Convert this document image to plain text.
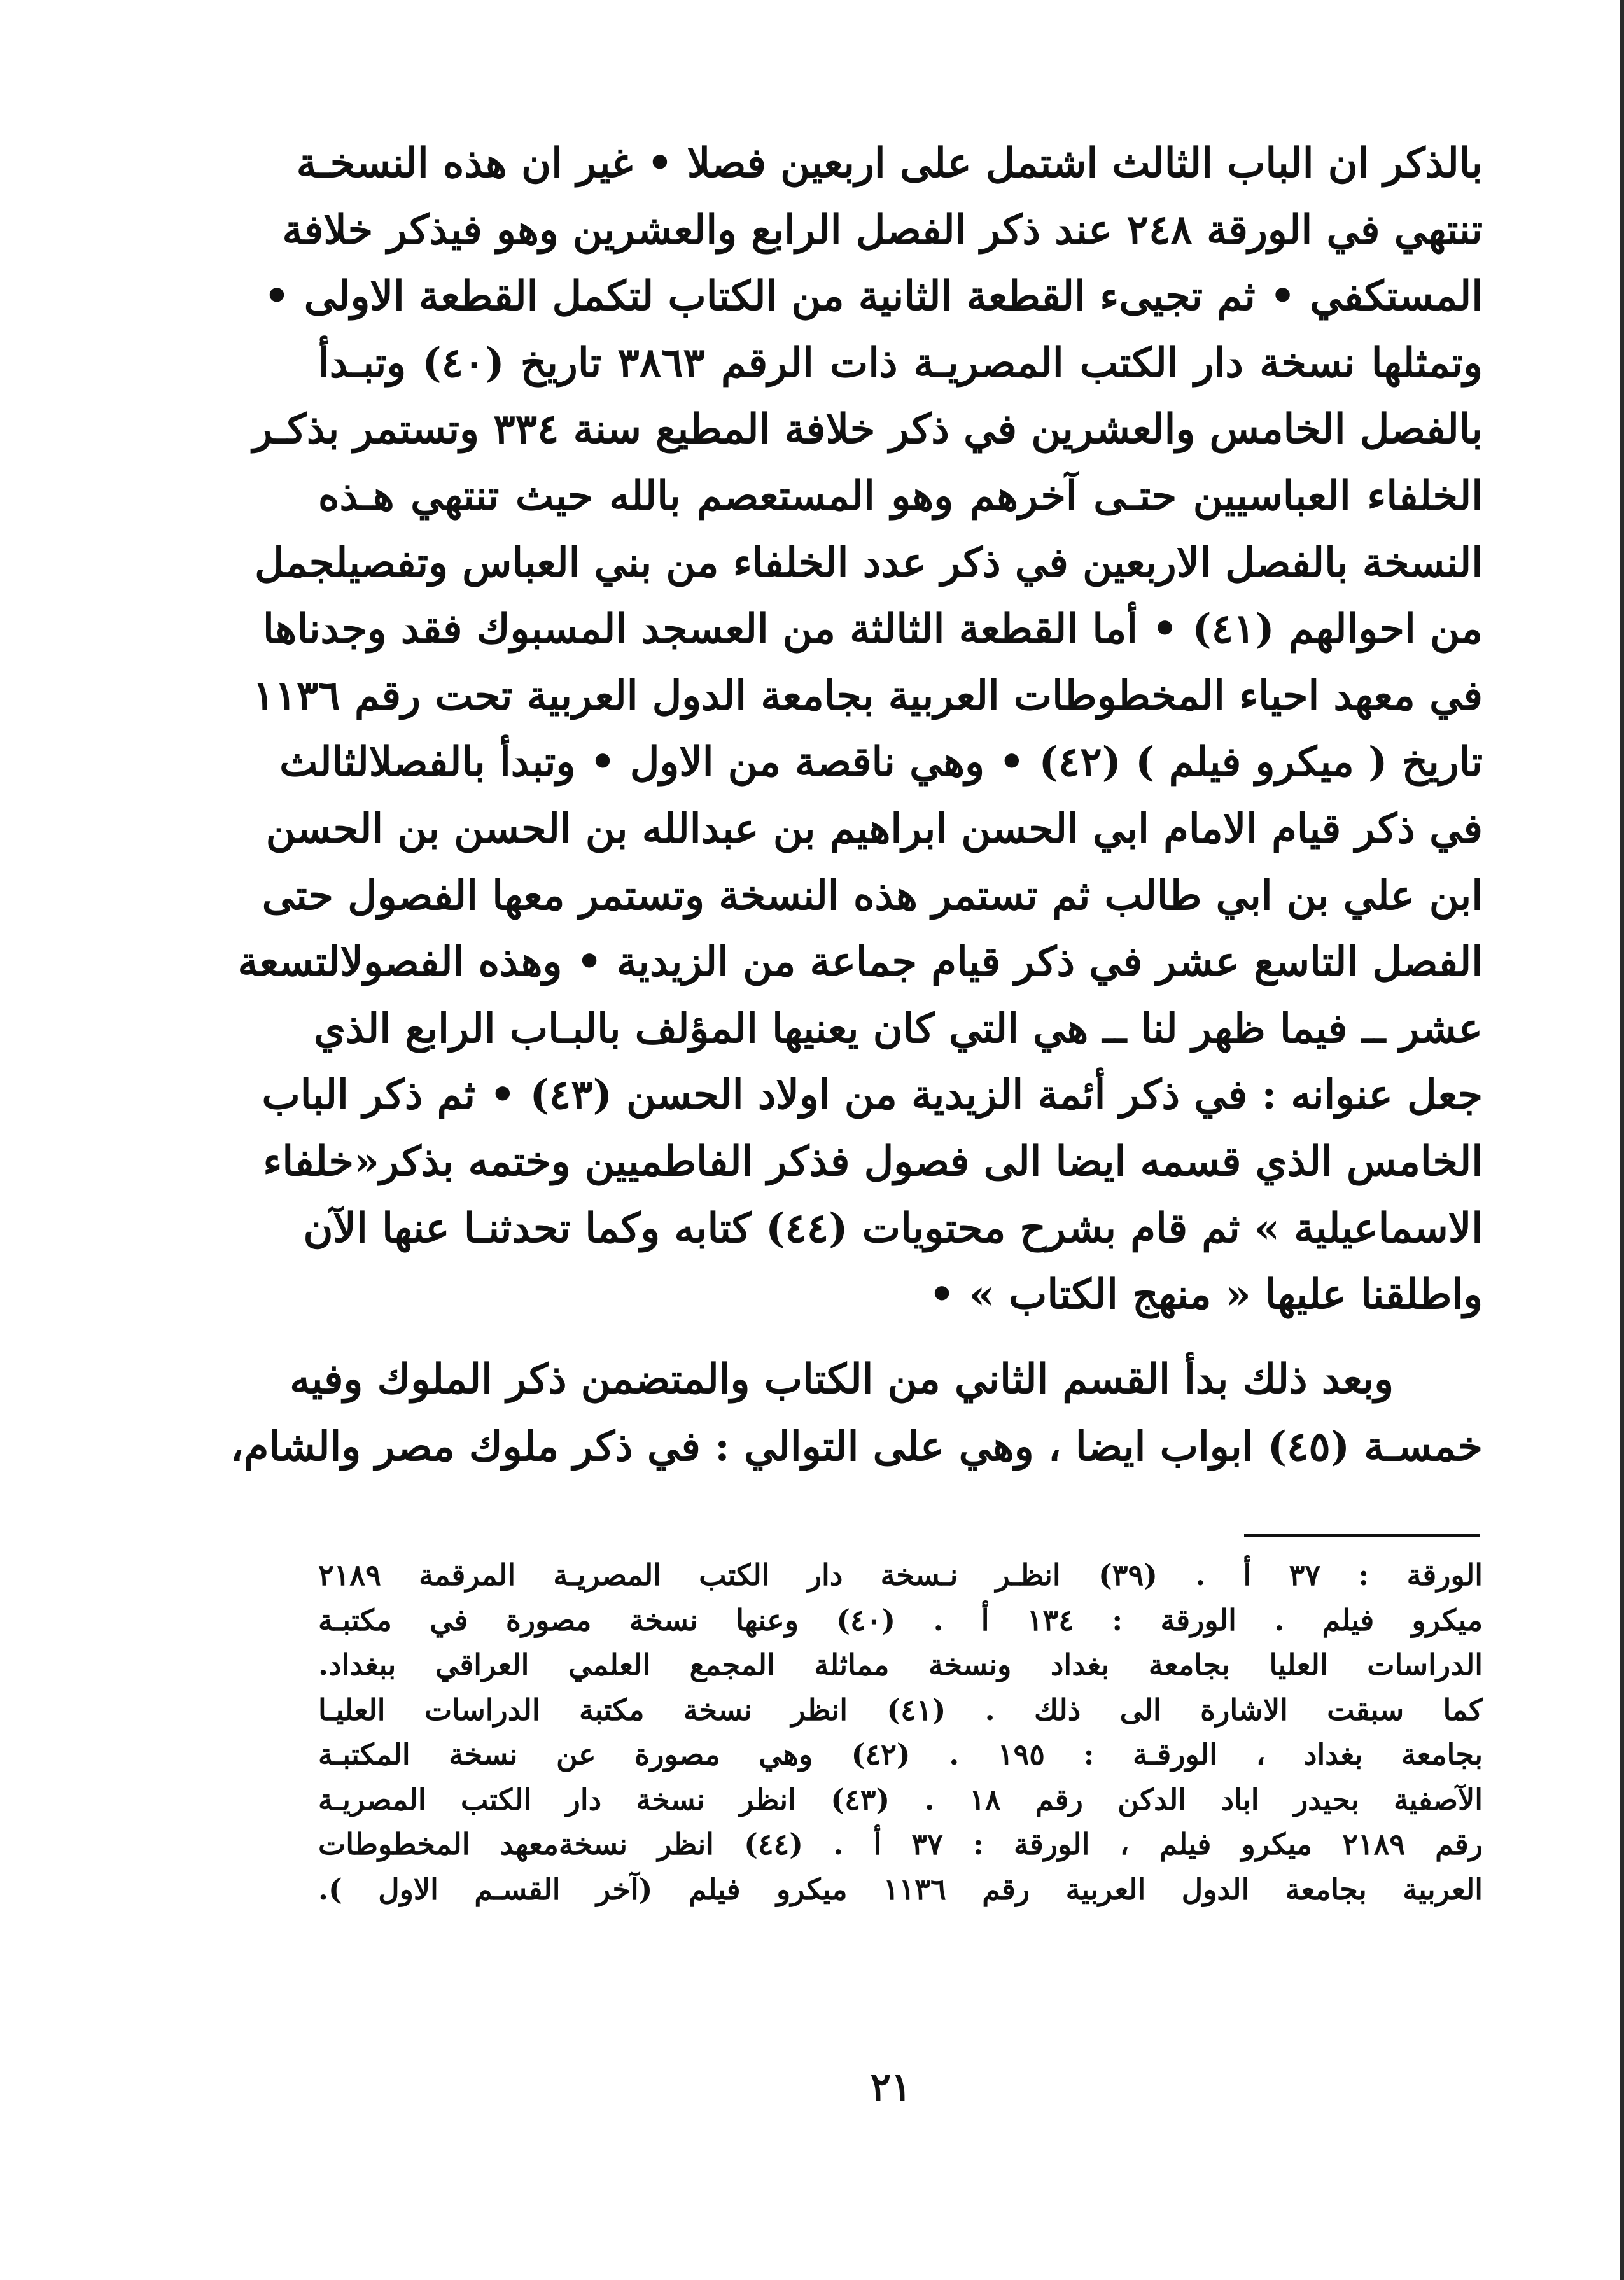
بالذكر ان الباب الثالث اشتمل على اربعين فصلا • غير ان هذه النسخـة
تنتهي في الورقة ٢٤٨ عند ذكر الفصل الرابع والعشرين وهو فيذكر خلافة
المستكفي • ثم تجيىء القطعة الثانية من الكتاب لتكمل القطعة الاولى •
وتمثلها نسخة دار الكتب المصريـة ذات الرقم ٣٨٦٣ تاريخ (٤٠) وتبـدأ
بالفصل الخامس والعشرين في ذكر خلافة المطيع سنة ٣٣٤ وتستمر بذكـر
الخلفاء العباسيين حتـى آخرهم وهو المستعصم بالله حيث تنتهي هـذه
النسخة بالفصل الاربعين في ذكر عدد الخلفاء من بني العباس وتفصيلجمل
من احوالهم (٤١) • أما القطعة الثالثة من العسجد المسبوك فقد وجدناها
في معهد احياء المخطوطات العربية بجامعة الدول العربية تحت رقم ١١٣٦
تاريخ ( ميكرو فيلم ) (٤٢) • وهي ناقصة من الاول • وتبدأ بالفصلالثالث
في ذكر قيام الامام ابي الحسن ابراهيم بن عبدالله بن الحسن بن الحسن
ابن علي بن ابي طالب ثم تستمر هذه النسخة وتستمر معها الفصول حتى
الفصل التاسع عشر في ذكر قيام جماعة من الزيدية • وهذه الفصولالتسعة
عشر ــ فيما ظهر لنا ــ هي التي كان يعنيها المؤلف بالبـاب الرابع الذي
جعل عنوانه : في ذكر أئمة الزيدية من اولاد الحسن (٤٣) • ثم ذكر الباب
الخامس الذي قسمه ايضا الى فصول فذكر الفاطميين وختمه بذكر«خلفاء
الاسماعيلية » ثم قام بشرح محتويات (٤٤) كتابه وكما تحدثنـا عنها الآن
واطلقنا عليها « منهج الكتاب » •
وبعد ذلك بدأ القسم الثاني من الكتاب والمتضمن ذكر الملوك وفيه
خمسـة (٤٥) ابواب ايضا ، وهي على التوالي : في ذكر ملوك مصر والشام،
الورقة : ٣٧ أ . (٣٩) انظـر نـسخة دار الكتب المصريـة المرقمة ٢١٨٩
ميكرو فيلم . الورقة : ١٣٤ أ . (٤٠) وعنها نسخة مصورة في مكتبـة
الدراسات العليا بجامعة بغداد ونسخة مماثلة المجمع العلمي العراقي ببغداد.
كما سبقت الاشارة الى ذلك . (٤١) انظر نسخة مكتبة الدراسات العليـا
بجامعة بغداد ، الورقـة : ١٩٥ . (٤٢) وهي مصورة عن نسخة المكتبـة
الآصفية بحيدر اباد الدكن رقم ١٨ . (٤٣) انظر نسخة دار الكتب المصريـة
رقم ٢١٨٩ ميكرو فيلم ، الورقة : ٣٧ أ . (٤٤) انظر نسخةمعهد المخطوطات
العربية بجامعة الدول العربية رقم ١١٣٦ ميكرو فيلم (آخر القسـم الاول ).
٢١
